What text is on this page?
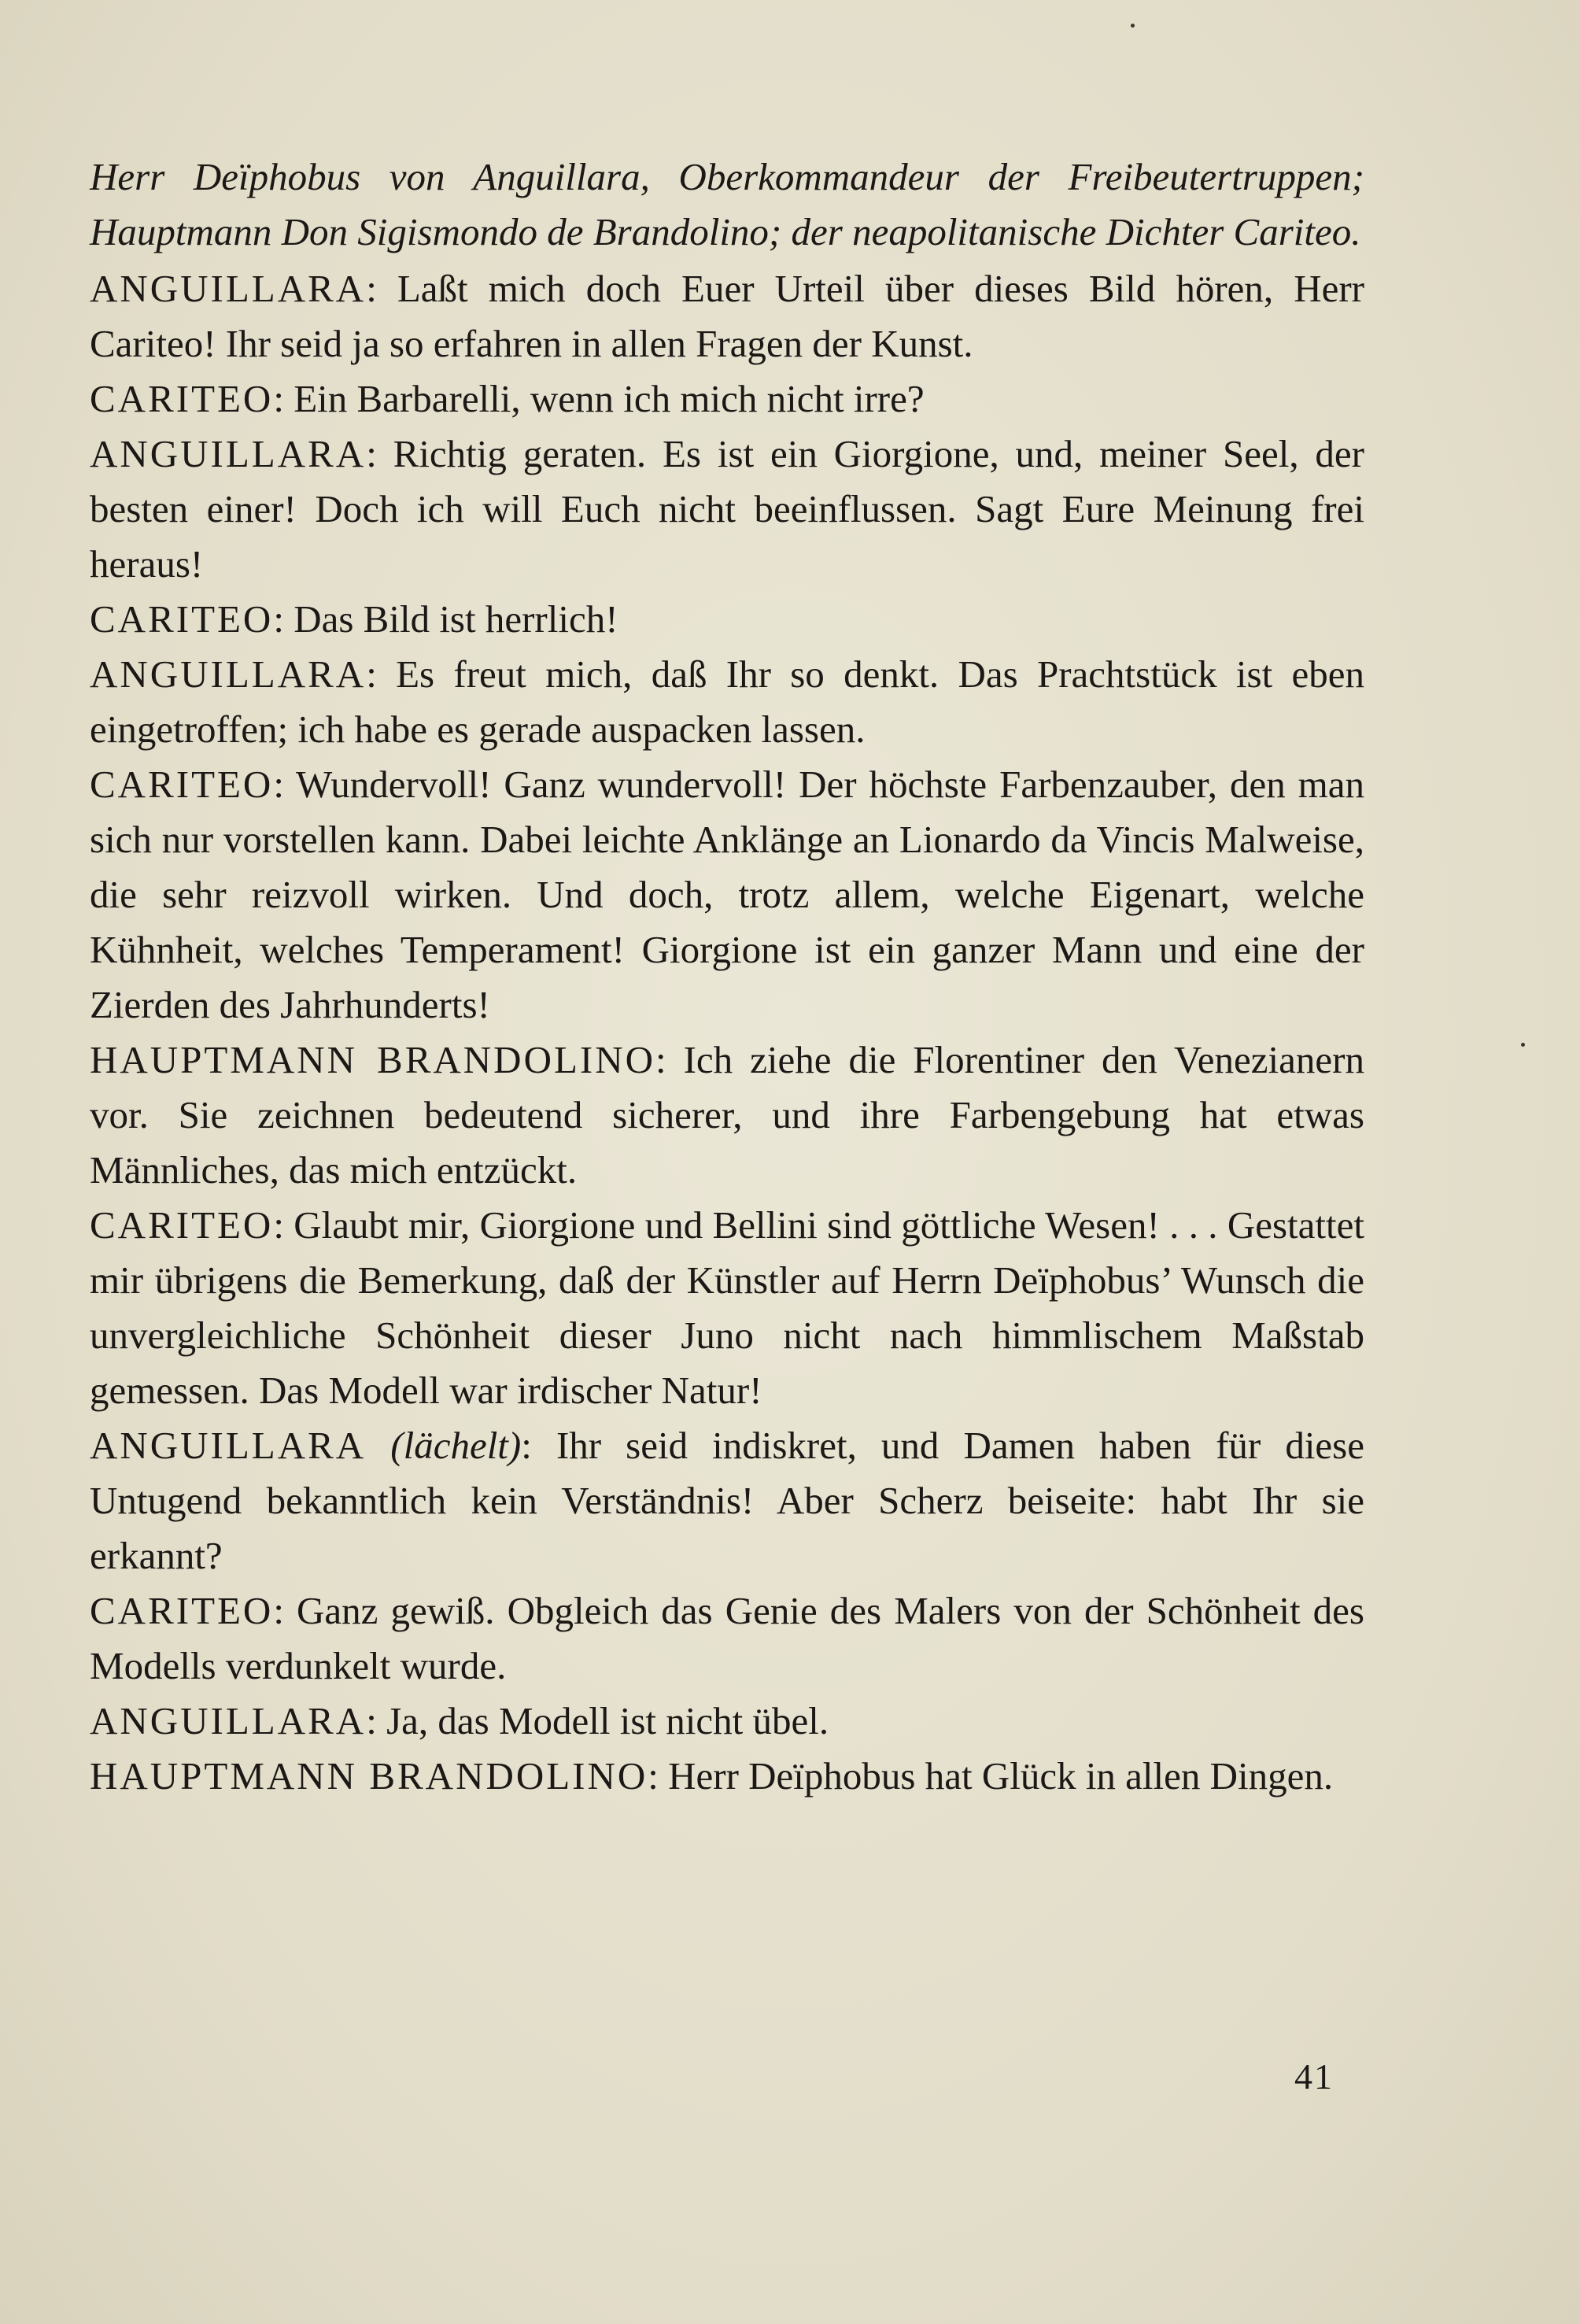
Herr Deïphobus von Anguillara, Oberkommandeur der Freibeutertruppen; Hauptmann Don Sigismondo de Brandolino; der neapolitanische Dichter Cariteo.

ANGUILLARA: Laßt mich doch Euer Urteil über dieses Bild hören, Herr Cariteo! Ihr seid ja so erfahren in allen Fragen der Kunst.

CARITEO: Ein Barbarelli, wenn ich mich nicht irre?

ANGUILLARA: Richtig geraten. Es ist ein Giorgione, und, meiner Seel, der besten einer! Doch ich will Euch nicht beeinflussen. Sagt Eure Meinung frei heraus!

CARITEO: Das Bild ist herrlich!

ANGUILLARA: Es freut mich, daß Ihr so denkt. Das Prachtstück ist eben eingetroffen; ich habe es gerade auspacken lassen.

CARITEO: Wundervoll! Ganz wundervoll! Der höchste Farbenzauber, den man sich nur vorstellen kann. Dabei leichte Anklänge an Lionardo da Vincis Malweise, die sehr reizvoll wirken. Und doch, trotz allem, welche Eigenart, welche Kühnheit, welches Temperament! Giorgione ist ein ganzer Mann und eine der Zierden des Jahrhunderts!

HAUPTMANN BRANDOLINO: Ich ziehe die Florentiner den Venezianern vor. Sie zeichnen bedeutend sicherer, und ihre Farbengebung hat etwas Männliches, das mich entzückt.

CARITEO: Glaubt mir, Giorgione und Bellini sind göttliche Wesen! . . . Gestattet mir übrigens die Bemerkung, daß der Künstler auf Herrn Deïphobus’ Wunsch die unvergleichliche Schönheit dieser Juno nicht nach himmlischem Maßstab gemessen. Das Modell war irdischer Natur!

ANGUILLARA (lächelt): Ihr seid indiskret, und Damen haben für diese Untugend bekanntlich kein Verständnis! Aber Scherz beiseite: habt Ihr sie erkannt?

CARITEO: Ganz gewiß. Obgleich das Genie des Malers von der Schönheit des Modells verdunkelt wurde.

ANGUILLARA: Ja, das Modell ist nicht übel.

HAUPTMANN BRANDOLINO: Herr Deïphobus hat Glück in allen Dingen.

41
